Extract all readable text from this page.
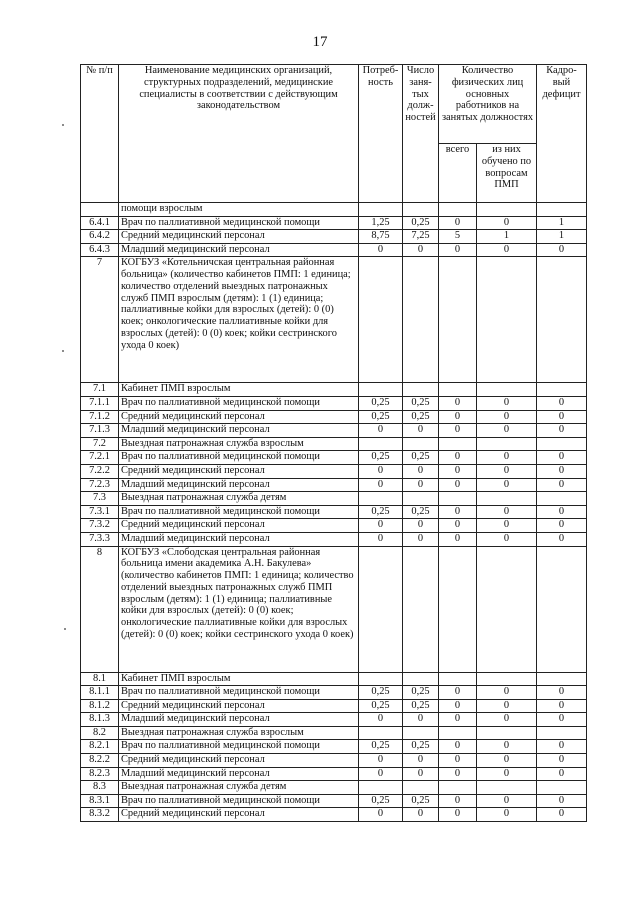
17
№ п/п	Наименование медицинских организаций, структурных подразделений, медицинские специалисты в соответствии с действующим законодательством	Потреб-ность	Число заня-тых долж-ностей	Количество физических лиц основных работников на занятых должностях		Кадро-вый дефицит
				всего	из них обучено по вопросам ПМП	
	помощи взрослым					
6.4.1	Врач по паллиативной медицинской помощи	1,25	0,25	0	0	1
6.4.2	Средний медицинский персонал	8,75	7,25	5	1	1
6.4.3	Младший медицинский персонал	0	0	0	0	0
7	КОГБУЗ «Котельничская центральная районная больница» (количество кабинетов ПМП: 1 единица; количество отделений выездных патронажных служб ПМП взрослым (детям): 1 (1) единица; паллиативные койки для взрослых (детей): 0 (0) коек; онкологические паллиативные койки для взрослых (детей): 0 (0) коек; койки сестринского ухода 0 коек)					
7.1	Кабинет ПМП взрослым					
7.1.1	Врач по паллиативной медицинской помощи	0,25	0,25	0	0	0
7.1.2	Средний медицинский персонал	0,25	0,25	0	0	0
7.1.3	Младший медицинский персонал	0	0	0	0	0
7.2	Выездная патронажная служба взрослым					
7.2.1	Врач по паллиативной медицинской помощи	0,25	0,25	0	0	0
7.2.2	Средний медицинский персонал	0	0	0	0	0
7.2.3	Младший медицинский персонал	0	0	0	0	0
7.3	Выездная патронажная служба детям					
7.3.1	Врач по паллиативной медицинской помощи	0,25	0,25	0	0	0
7.3.2	Средний медицинский персонал	0	0	0	0	0
7.3.3	Младший медицинский персонал	0	0	0	0	0
8	КОГБУЗ «Слободская центральная районная больница имени академика А.Н. Бакулева» (количество кабинетов ПМП: 1 единица; количество отделений выездных патронажных служб ПМП взрослым (детям): 1 (1) единица; паллиативные койки для взрослых (детей): 0 (0) коек; онкологические паллиативные койки для взрослых (детей): 0 (0) коек; койки сестринского ухода 0 коек)					
8.1	Кабинет ПМП взрослым					
8.1.1	Врач по паллиативной медицинской помощи	0,25	0,25	0	0	0
8.1.2	Средний медицинский персонал	0,25	0,25	0	0	0
8.1.3	Младший медицинский персонал	0	0	0	0	0
8.2	Выездная патронажная служба взрослым					
8.2.1	Врач по паллиативной медицинской помощи	0,25	0,25	0	0	0
8.2.2	Средний медицинский персонал	0	0	0	0	0
8.2.3	Младший медицинский персонал	0	0	0	0	0
8.3	Выездная патронажная служба детям					
8.3.1	Врач по паллиативной медицинской помощи	0,25	0,25	0	0	0
8.3.2	Средний медицинский персонал	0	0	0	0	0
